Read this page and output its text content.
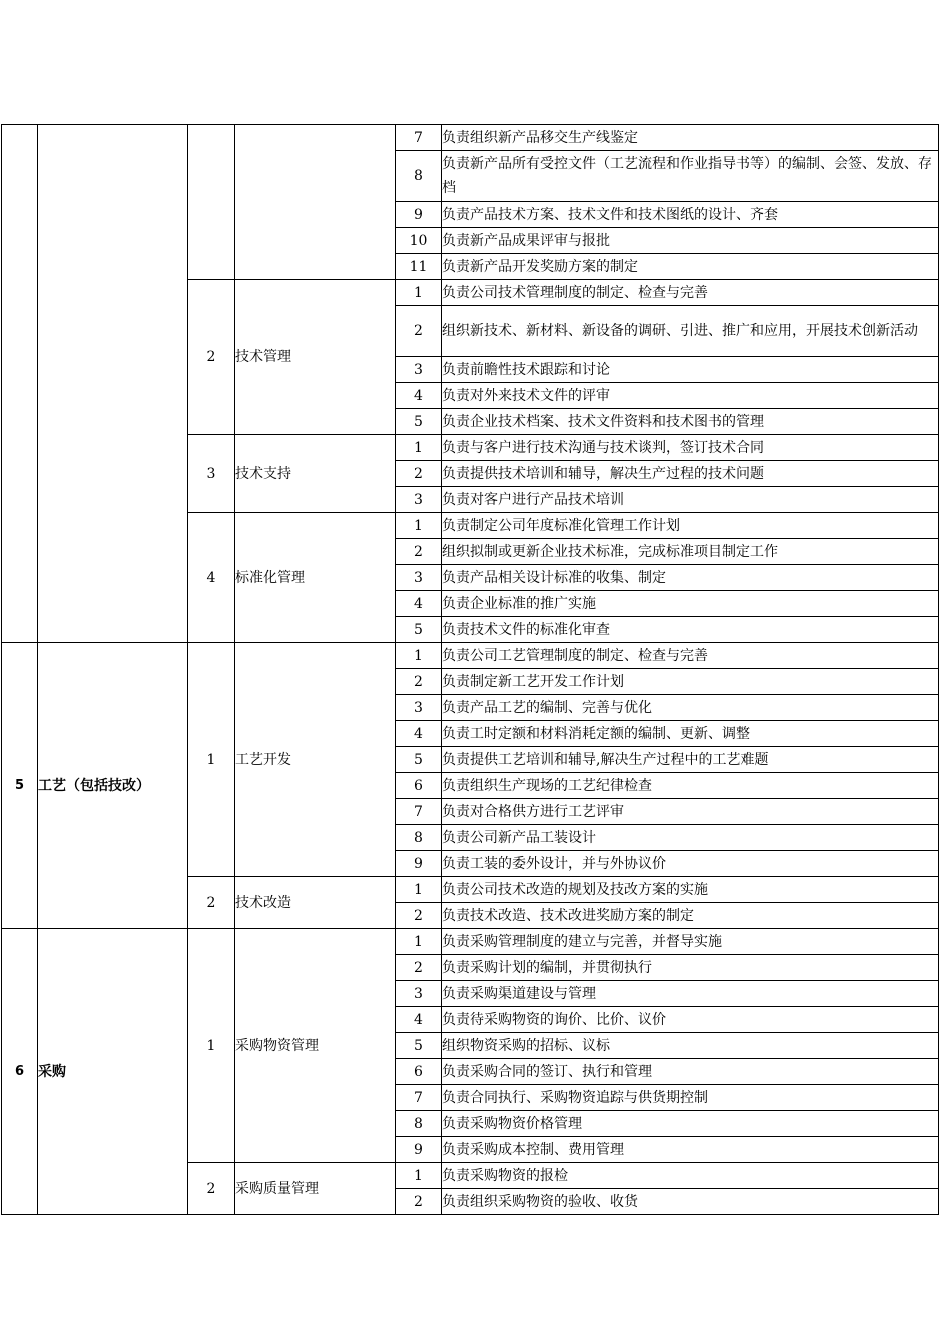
				7	负责组织新产品移交生产线鉴定
				8	负责新产品所有受控文件（工艺流程和作业指导书等）的编制、会签、发放、存档
				9	负责产品技术方案、技术文件和技术图纸的设计、齐套
				10	负责新产品成果评审与报批
				11	负责新产品开发奖励方案的制定
		2	技术管理	1	负责公司技术管理制度的制定、检查与完善
				2	组织新技术、新材料、新设备的调研、引进、推广和应用，开展技术创新活动
				3	负责前瞻性技术跟踪和讨论
				4	负责对外来技术文件的评审
				5	负责企业技术档案、技术文件资料和技术图书的管理
		3	技术支持	1	负责与客户进行技术沟通与技术谈判，签订技术合同
				2	负责提供技术培训和辅导，解决生产过程的技术问题
				3	负责对客户进行产品技术培训
		4	标准化管理	1	负责制定公司年度标准化管理工作计划
				2	组织拟制或更新企业技术标准，完成标准项目制定工作
				3	负责产品相关设计标准的收集、制定
				4	负责企业标准的推广实施
				5	负责技术文件的标准化审查
5	工艺（包括技改）	1	工艺开发	1	负责公司工艺管理制度的制定、检查与完善
				2	负责制定新工艺开发工作计划
				3	负责产品工艺的编制、完善与优化
				4	负责工时定额和材料消耗定额的编制、更新、调整
				5	负责提供工艺培训和辅导,解决生产过程中的工艺难题
				6	负责组织生产现场的工艺纪律检查
				7	负责对合格供方进行工艺评审
				8	负责公司新产品工装设计
				9	负责工装的委外设计，并与外协议价
		2	技术改造	1	负责公司技术改造的规划及技改方案的实施
				2	负责技术改造、技术改进奖励方案的制定
6	采购	1	采购物资管理	1	负责采购管理制度的建立与完善，并督导实施
				2	负责采购计划的编制，并贯彻执行
				3	负责采购渠道建设与管理
				4	负责待采购物资的询价、比价、议价
				5	组织物资采购的招标、议标
				6	负责采购合同的签订、执行和管理
				7	负责合同执行、采购物资追踪与供货期控制
				8	负责采购物资价格管理
				9	负责采购成本控制、费用管理
		2	采购质量管理	1	负责采购物资的报检
				2	负责组织采购物资的验收、收货
